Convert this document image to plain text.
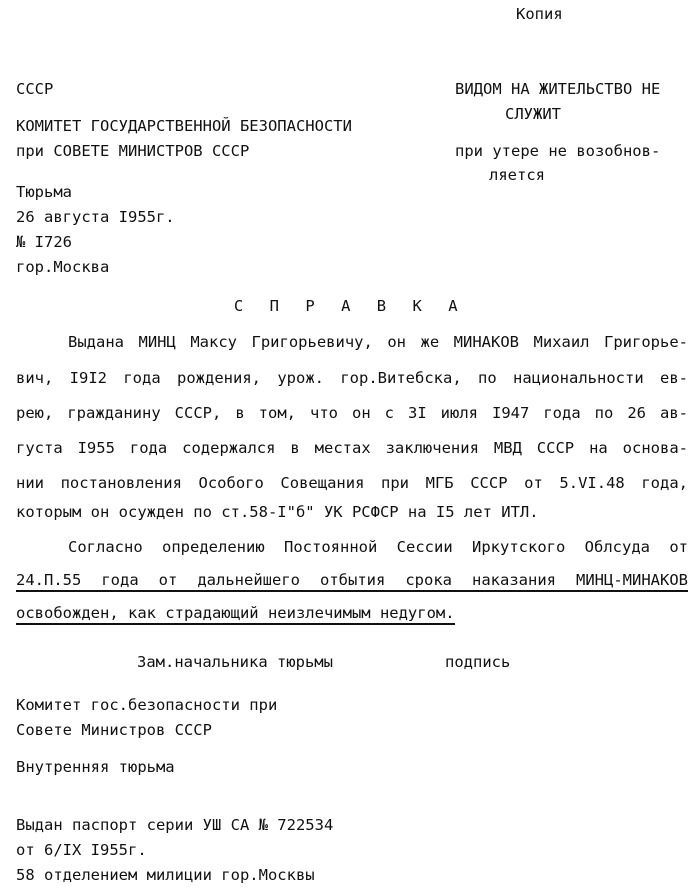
Копия
СССР
КОМИТЕТ ГОСУДАРСТВЕННОЙ БЕЗОПАСНОСТИ
при СОВЕТЕ МИНИСТРОВ СССР
ВИДОМ НА ЖИТЕЛЬСТВО НЕ
СЛУЖИТ
при утере не возобнов-
ляется
Тюрьма
26 августа I955г.
№ I726
гор.Москва
С П Р А В К А
Выдана МИНЦ Максу Григорьевичу, он же МИНАКОВ Михаил Григорье-
вич, I9I2 года рождения, урож. гор.Витебска, по национальности ев-
рею, гражданину СССР, в том, что он с 3I июля I947 года по 26 ав-
густа I955 года содержался в местах заключения МВД СССР на основа-
нии постановления Особого Совещания при МГБ СССР от 5.VI.48 года,
которым он осужден по ст.58-I"б" УК РСФСР на I5 лет ИТЛ.
Согласно определению Постоянной Сессии Иркутского Облсуда от
24.П.55 года от дальнейшего отбытия срока наказания МИНЦ-МИНАКОВ
освобожден, как страдающий неизлечимым недугом.
Зам.начальника тюрьмы	подпись
Комитет гос.безопасности при
Совете Министров СССР
Внутренняя тюрьма
Выдан паспорт серии УШ СА № 722534
от 6/IX I955г.
58 отделением милиции гор.Москвы
